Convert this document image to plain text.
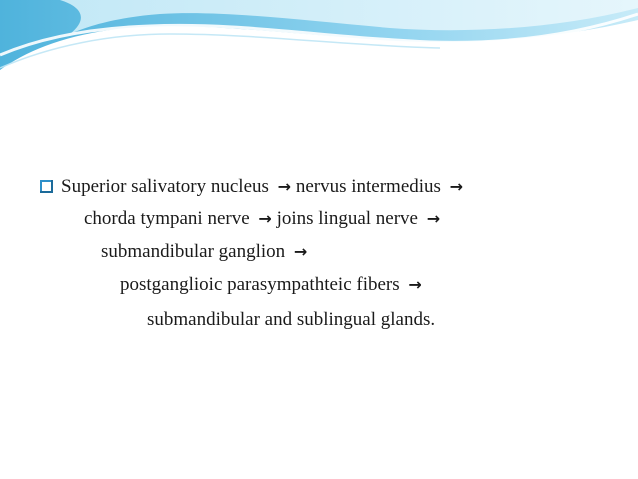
Superior salivatory nucleus → nervus intermedius →
chorda tympani nerve → joins lingual nerve →
submandibular ganglion →
postganglioic parasympathteic fibers →
submandibular and sublingual glands.
